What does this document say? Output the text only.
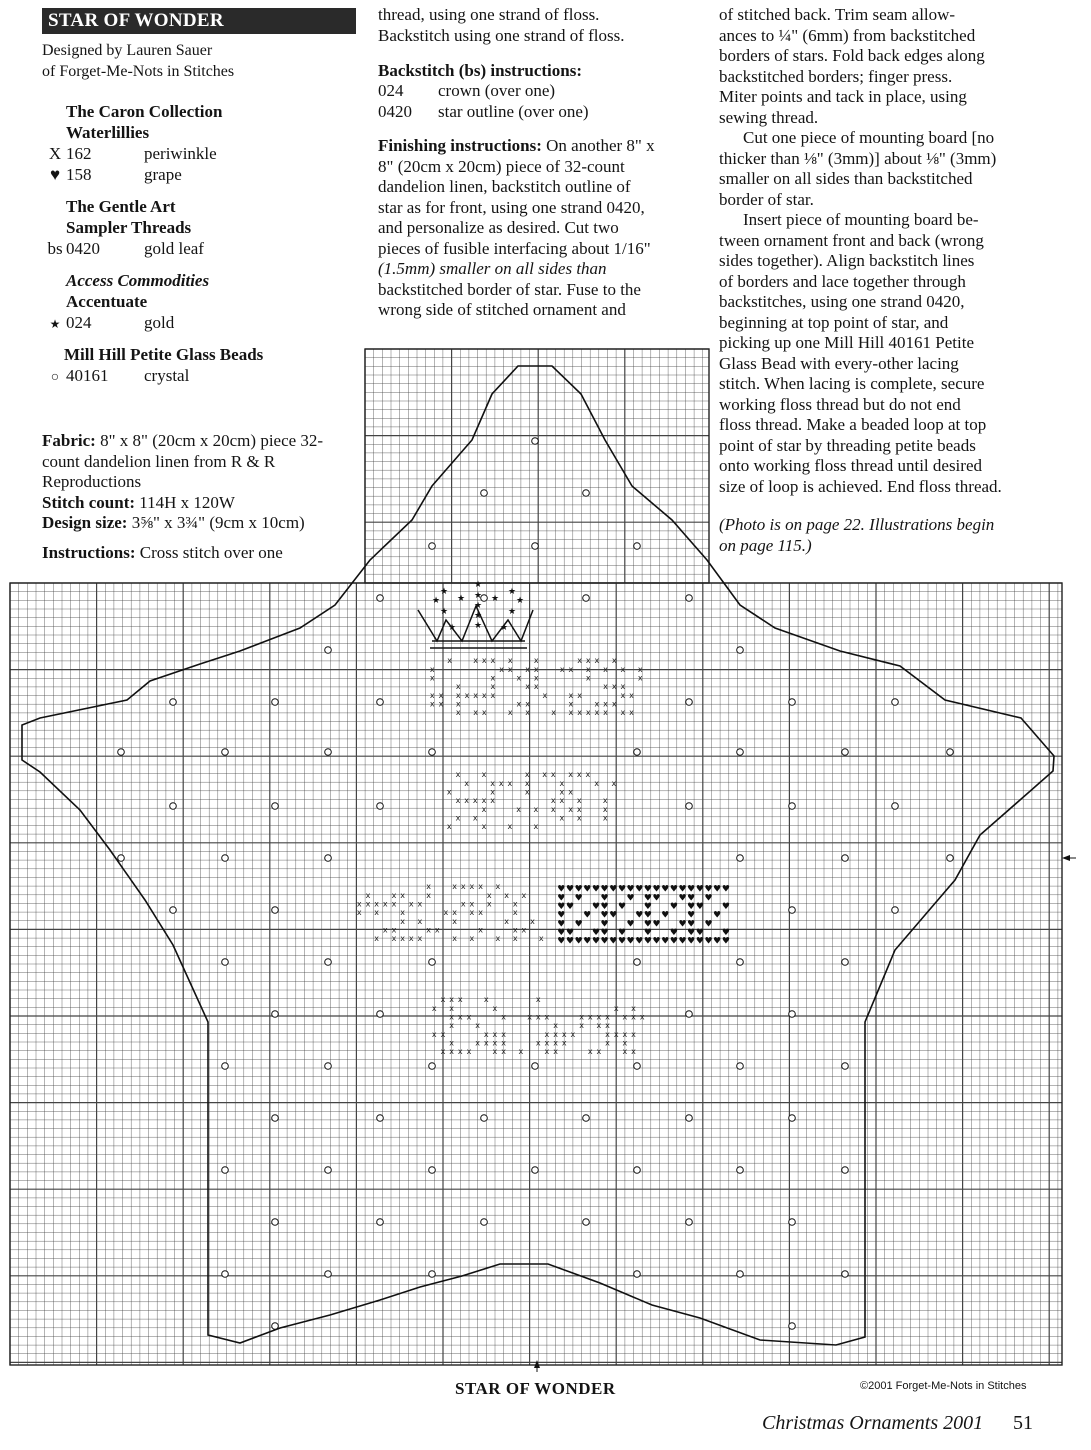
STAR OF WONDER
Designed by Lauren Sauer
of Forget-Me-Nots in Stitches
The Caron Collection
Waterlillies
X 162	periwinkle
♥ 158	grape
The Gentle Art
Sampler Threads
bs 0420	gold leaf
Access Commodities
Accentuate
★ 024	gold
Mill Hill Petite Glass Beads
○ 40161 crystal
Fabric: 8" x 8" (20cm x 20cm) piece 32-
count dandelion linen from R & R
Reproductions
Stitch count: 114H x 120W
Design size: 3⅝" x 3¾" (9cm x 10cm)
Instructions: Cross stitch over one
thread, using one strand of floss.
Backstitch using one strand of floss.
Backstitch (bs) instructions:
024 crown (over one)
0420 star outline (over one)
Finishing instructions: On another 8" x
8" (20cm x 20cm) piece of 32-count
dandelion linen, backstitch outline of
star as for front, using one strand 0420,
and personalize as desired. Cut two
pieces of fusible interfacing about 1/16"
(1.5mm) smaller on all sides than
backstitched border of star. Fuse to the
wrong side of stitched ornament and
of stitched back. Trim seam allow-
ances to ¼" (6mm) from backstitched
borders of stars. Fold back edges along
backstitched borders; finger press.
Miter points and tack in place, using
sewing thread.
Cut one piece of mounting board [no
thicker than ⅛" (3mm)] about ⅛" (3mm)
smaller on all sides than backstitched
border of star.
Insert piece of mounting board be-
tween ornament front and back (wrong
sides together). Align backstitch lines
of borders and lace together through
backstitches, using one strand 0420,
beginning at top point of star, and
picking up one Mill Hill 40161 Petite
Glass Bead with every-other lacing
stitch. When lacing is complete, secure
working floss thread but do not end
floss thread. Make a beaded loop at top
point of star by threading petite beads
onto working floss thread until desired
size of loop is achieved. End floss thread.
(Photo is on page 22. Illustrations begin
on page 115.)
★
★
★
★ ★	★ ★
★
★
★
★
★	★
★	★
x	x x x x	x	x x x x
x	x x x x	x x x x x x
x	x	x x	x	x
x	x	x x	x x x
x x x x x x x	x	x x	x x
x x x	x x	x	x x x
x x x	x x	x x x x x x x x
x	x	x x x x x x
x	x x x x	x	x x
x	x	x	x x
x x x x x	x x x	x
x	x x x x x	x
x x	x x	x
x	x	x	x
x	x x x x x
x	x x	x	x x x
x x x x x x x	x x x	x
x x	x	x x x x	x
x x	x	x	x
x x	x x	x	x x
x x x x x	x x	x x	x
x x x	x	x
x x	x	x x
x x x	x	x x x	x x x x x x x
x	x	x	x x x
x x	x x x	x x x x	x x x x
x	x x x x	x x x x	x x
x x x x	x x x	x x	x x	x x
♥ ♥ ♥ ♥ ♥ ♥ ♥ ♥ ♥ ♥ ♥ ♥ ♥ ♥ ♥ ♥ ♥ ♥ ♥ ♥
♥ ♥ ♥ ♥ ♥ ♥ ♥ ♥ ♥
♥ ♥ ♥ ♥ ♥ ♥ ♥ ♥ ♥ ♥
♥ ♥ ♥ ♥ ♥ ♥ ♥ ♥ ♥
♥ ♥ ♥ ♥ ♥ ♥ ♥ ♥ ♥
♥ ♥ ♥ ♥ ♥ ♥ ♥ ♥ ♥ ♥
♥ ♥ ♥ ♥ ♥ ♥ ♥ ♥ ♥ ♥ ♥ ♥ ♥ ♥ ♥ ♥ ♥ ♥ ♥ ♥
STAR OF WONDER	©2001 Forget-Me-Nots in Stitches
Christmas Ornaments 2001 51
